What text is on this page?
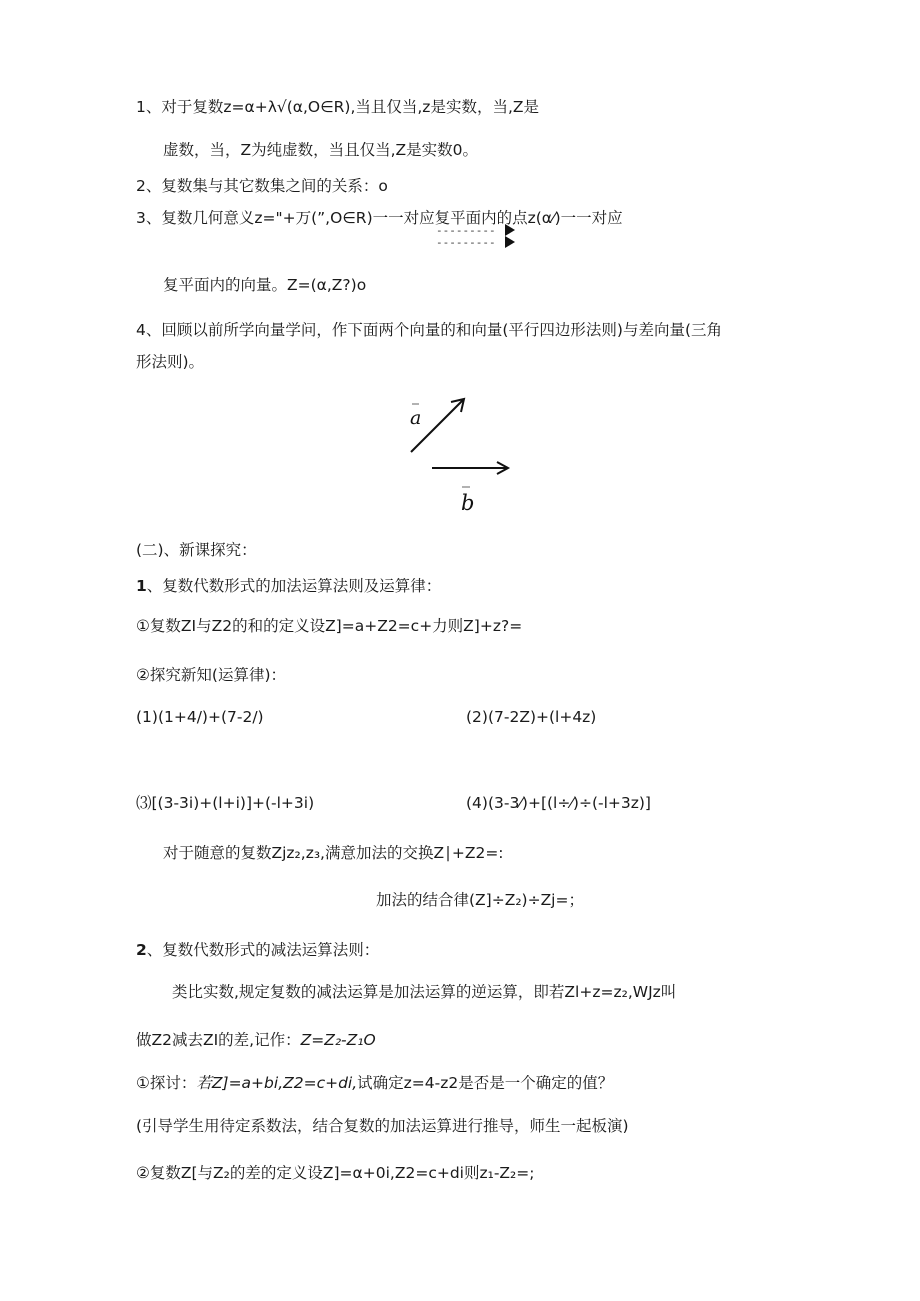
1、对于复数z=α+λ√(α,O∈R),当且仅当,z是实数，当,Z是
虚数，当，Z为纯虚数，当且仅当,Z是实数0。
2、复数集与其它数集之间的关系：o
3、复数几何意义z="+万(”,O∈R)一一对应复平面内的点z(α⁄)一一对应
---------
---------
复平面内的向量。Z=(α,Z?)o
4、回顾以前所学向量学问，作下面两个向量的和向量(平行四边形法则)与差向量(三角
形法则)。
a
b
(二)、新课探究：
1、复数代数形式的加法运算法则及运算律：
①复数ZI与Z2的和的定义设Z]=a+Z2=c+力则Z]+z?=
②探究新知(运算律)：
(1)(1+4/)+(7-2/)	(2)(7-2Z)+(l+4z)
⑶[(3-3i)+(l+i)]+(-l+3i)	(4)(3-3⁄)+[(l÷⁄)÷(-l+3z)]
对于随意的复数Zjz₂,z₃,满意加法的交换Z∣+Z2=:
加法的结合律(Z]÷Z₂)÷Zj=；
2、复数代数形式的减法运算法则：
类比实数,规定复数的减法运算是加法运算的逆运算，即若Zl+z=z₂,WJz叫
做Z2减去ZI的差,记作：Z=Z₂-Z₁O
①探讨：若Z]=a+bi,Z2=c+di,试确定z=4-z2是否是一个确定的值？
(引导学生用待定系数法，结合复数的加法运算进行推导，师生一起板演)
②复数Z[与Z₂的差的定义设Z]=α+0i,Z2=c+di则z₁-Z₂=;
